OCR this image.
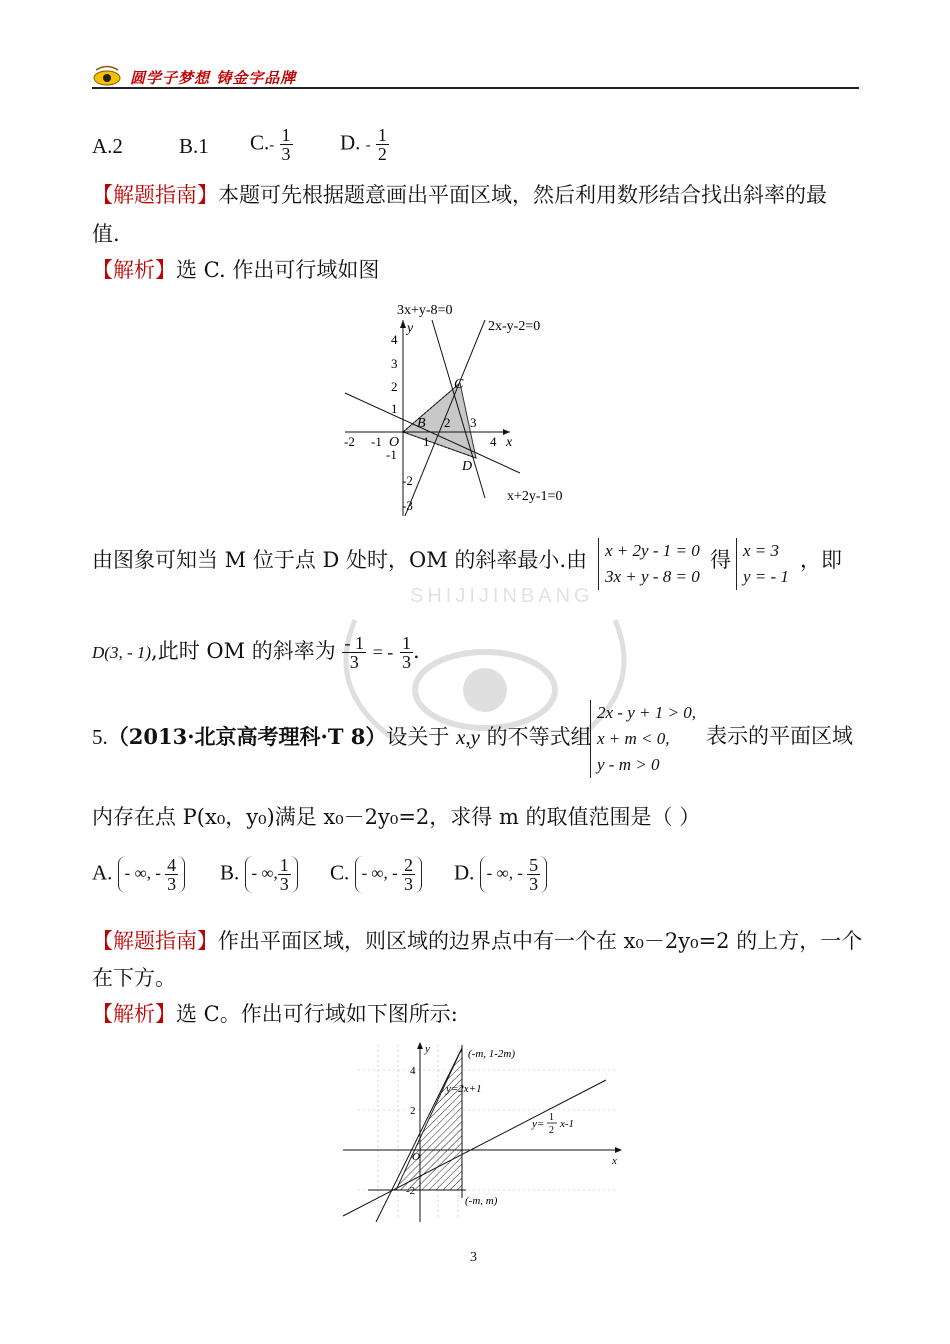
圆学子梦想 铸金字品牌
SHIJIJINBANG
A.2	B.1 $C.- \frac{1}{3} D$. - $\frac{1}{2}$
【解题指南】本题可先根据题意画出平面区域，然后利用数形结合找出斜率的最
值.
【解析】选 C. 作出可行域如图
3x+y-8=0
2x-y-2=0
x+2y-1=0
y
x
O
B
C
D
-2 -1	1
2 3
4
4
3
2
1
-1
-2
-3
由图象可知当 M 位于点 D 处时，OM 的斜率最小.由 x + 2y - 1 = 0
3x + y - 8 = 0
得 x = 3
y = - 1
，即
D(3, - 1),此时 OM 的斜率为 $\frac{- 1}{3}$ = - $\frac{1}{3}$ .
5.（2013·北京高考理科·T 8）设关于 x,y 的不等式组
2x - y + 1 > 0,
x + m < 0,
y - m > 0
表示的平面区域
内存在点 P(x₀，y₀)满足 x₀－2y₀=2，求得 m 的取值范围是（ ）
A. - ∞, - $\frac{4}{3} B$. - ∞, $\frac{1}{3} C$. - ∞, - $\frac{2}{3} D$. - ∞, - $\frac{5}{3}$
【解题指南】作出平面区域，则区域的边界点中有一个在 x₀－2y₀=2 的上方，一个
在下方。
【解析】选 C。作出可行域如下图所示:
y
x
O
4
2
-2
(-m, 1-2m)
(-m, m)
y=2x+1
y=
1
2
x-1
3
